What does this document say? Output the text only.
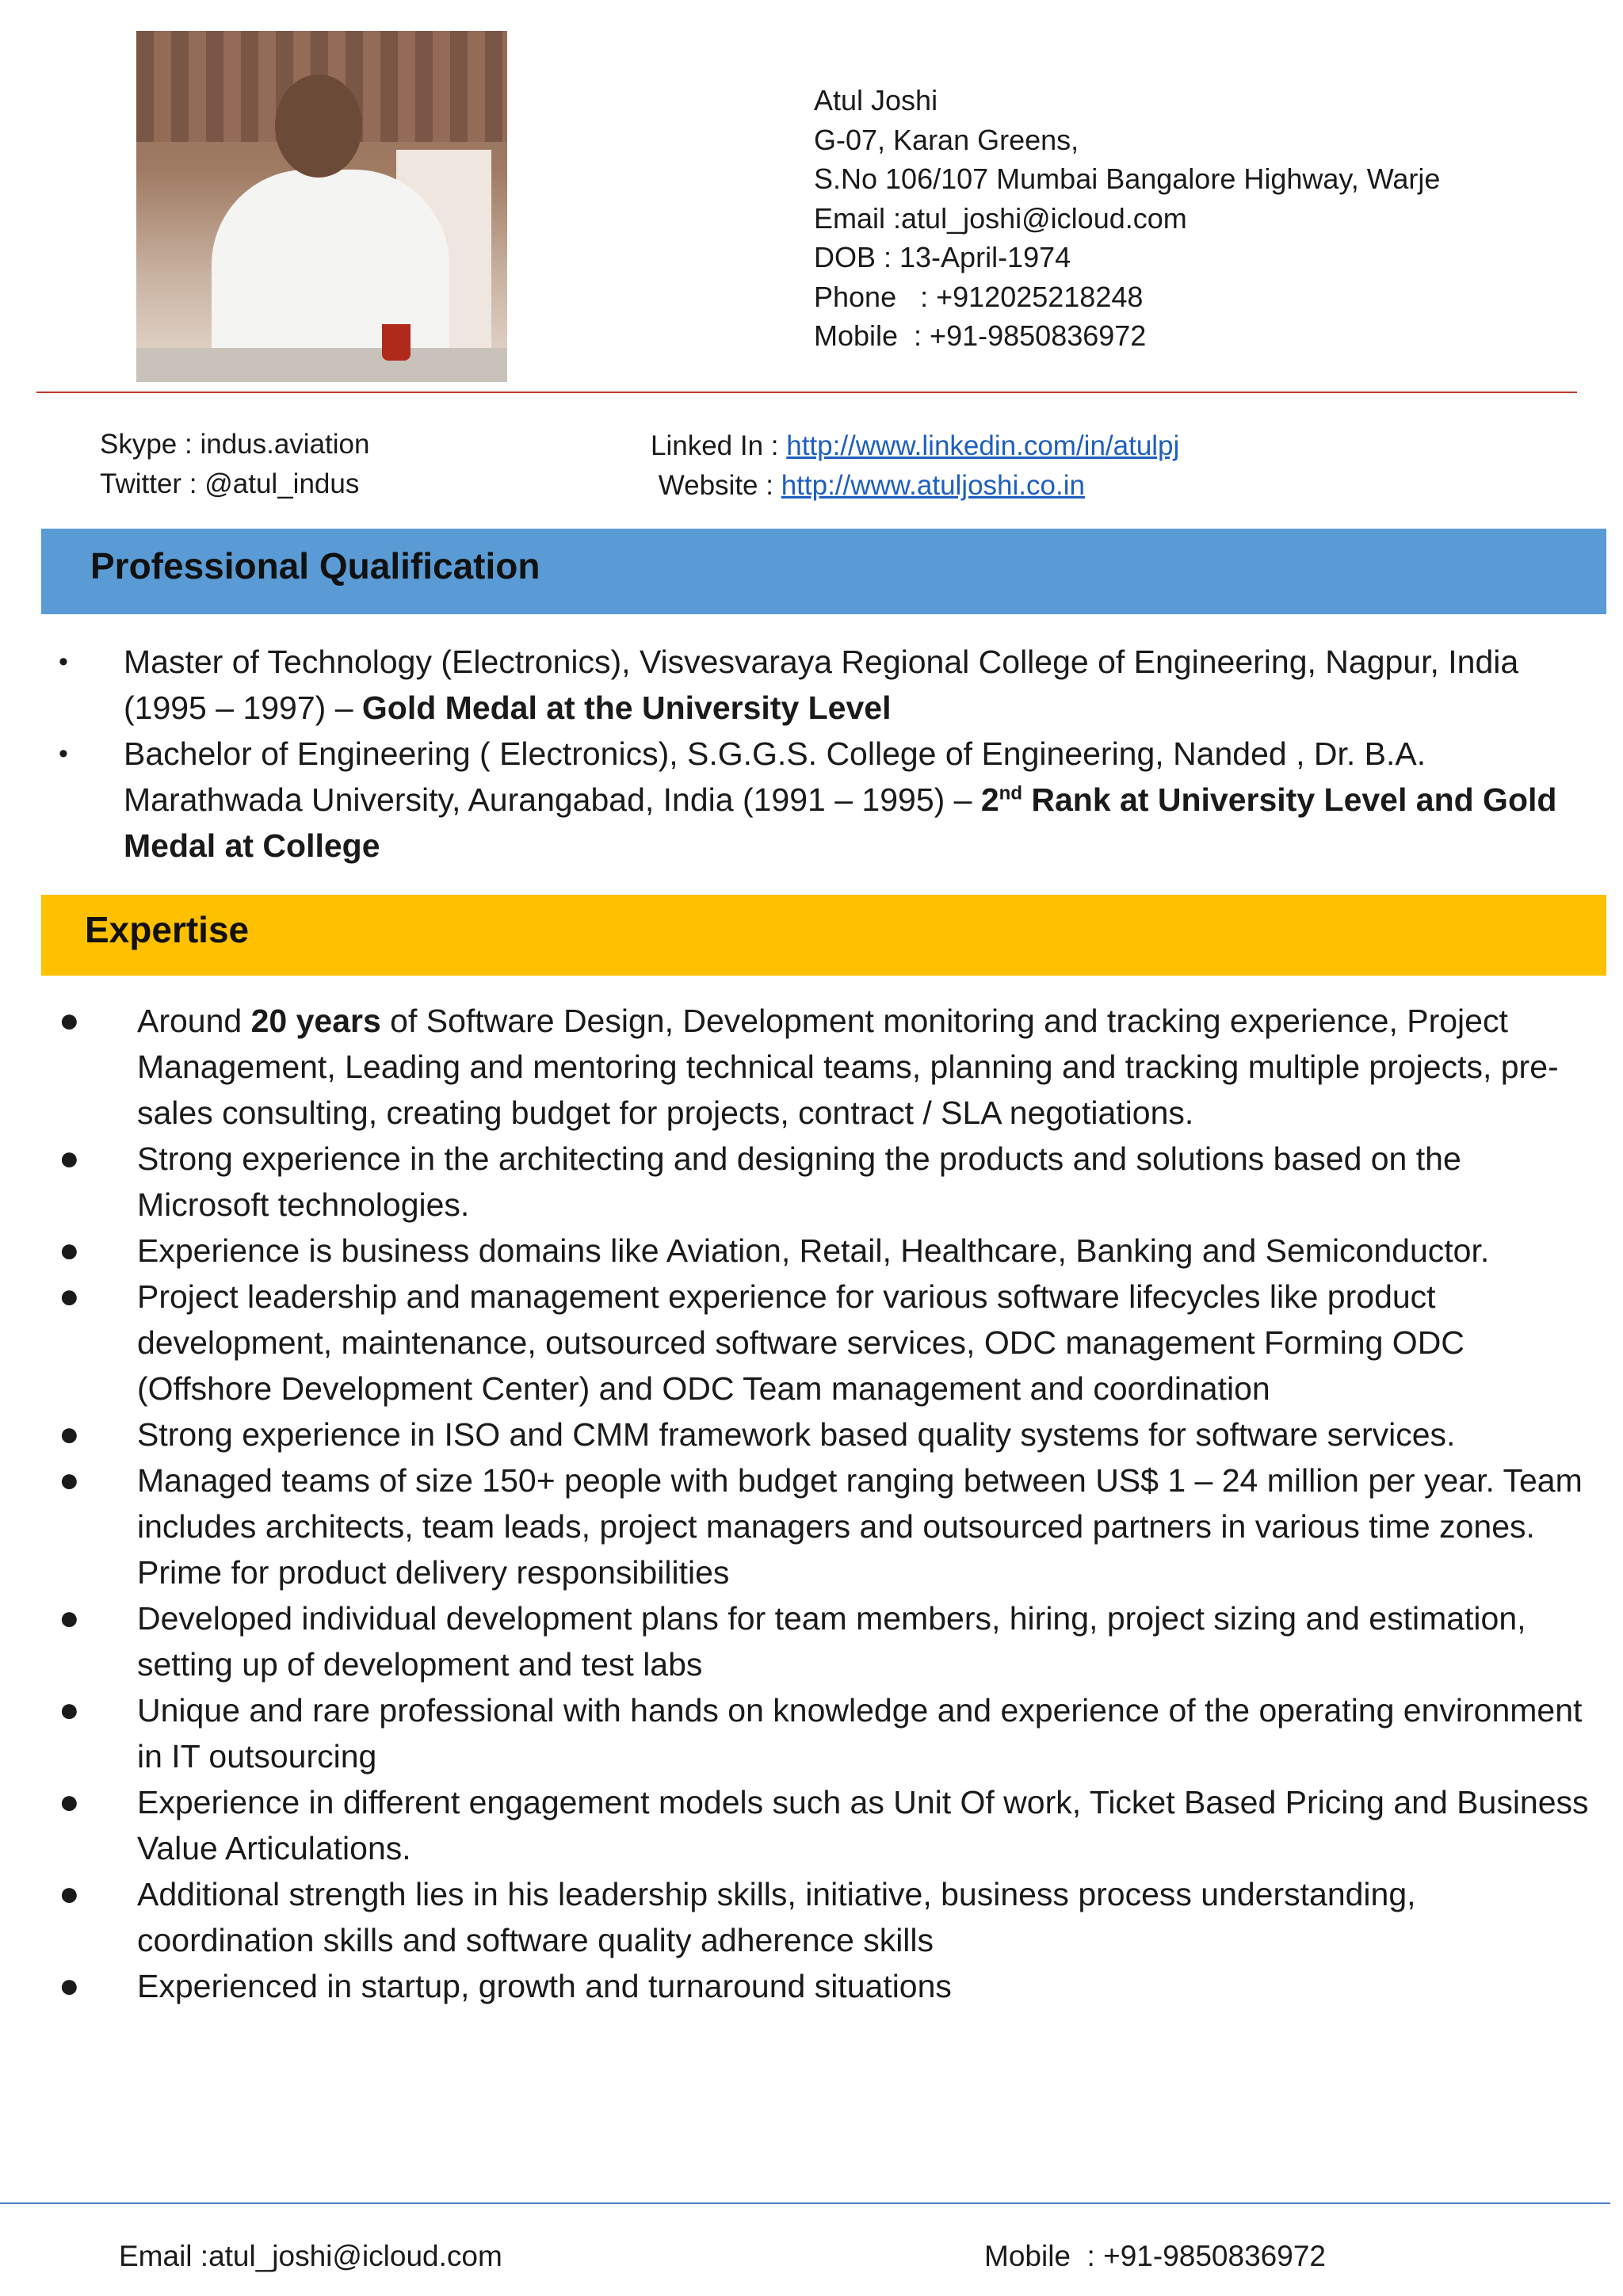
Atul Joshi
G-07, Karan Greens,
S.No 106/107 Mumbai Bangalore Highway, Warje
Email :atul_joshi@icloud.com
DOB : 13-April-1974
Phone   : +912025218248
Mobile  : +91-9850836972
Skype : indus.aviation
Twitter : @atul_indus
Linked In : http://www.linkedin.com/in/atulpj
Website : http://www.atuljoshi.co.in
Professional Qualification
• Master of Technology (Electronics), Visvesvaraya Regional College of Engineering, Nagpur, India (1995 – 1997) – Gold Medal at the University Level
• Bachelor of Engineering ( Electronics), S.G.G.S. College of Engineering, Nanded , Dr. B.A. Marathwada University, Aurangabad, India (1991 – 1995) – 2nd Rank at University Level and Gold Medal at College
Expertise
● Around 20 years of Software Design, Development monitoring and tracking experience, Project Management, Leading and mentoring technical teams, planning and tracking multiple projects, pre-sales consulting, creating budget for projects, contract / SLA negotiations.
● Strong experience in the architecting and designing the products and solutions based on the Microsoft technologies.
● Experience is business domains like Aviation, Retail, Healthcare, Banking and Semiconductor.
● Project leadership and management experience for various software lifecycles like product development, maintenance, outsourced software services, ODC management Forming ODC (Offshore Development Center) and ODC Team management and coordination
● Strong experience in ISO and CMM framework based quality systems for software services.
● Managed teams of size 150+ people with budget ranging between US$ 1 – 24 million per year. Team includes architects, team leads, project managers and outsourced partners in various time zones. Prime for product delivery responsibilities
● Developed individual development plans for team members, hiring, project sizing and estimation, setting up of development and test labs
● Unique and rare professional with hands on knowledge and experience of the operating environment in IT outsourcing
● Experience in different engagement models such as Unit Of work, Ticket Based Pricing and Business Value Articulations.
● Additional strength lies in his leadership skills, initiative, business process understanding, coordination skills and software quality adherence skills
● Experienced in startup, growth and turnaround situations
Email :atul_joshi@icloud.com	Mobile  : +91-9850836972
